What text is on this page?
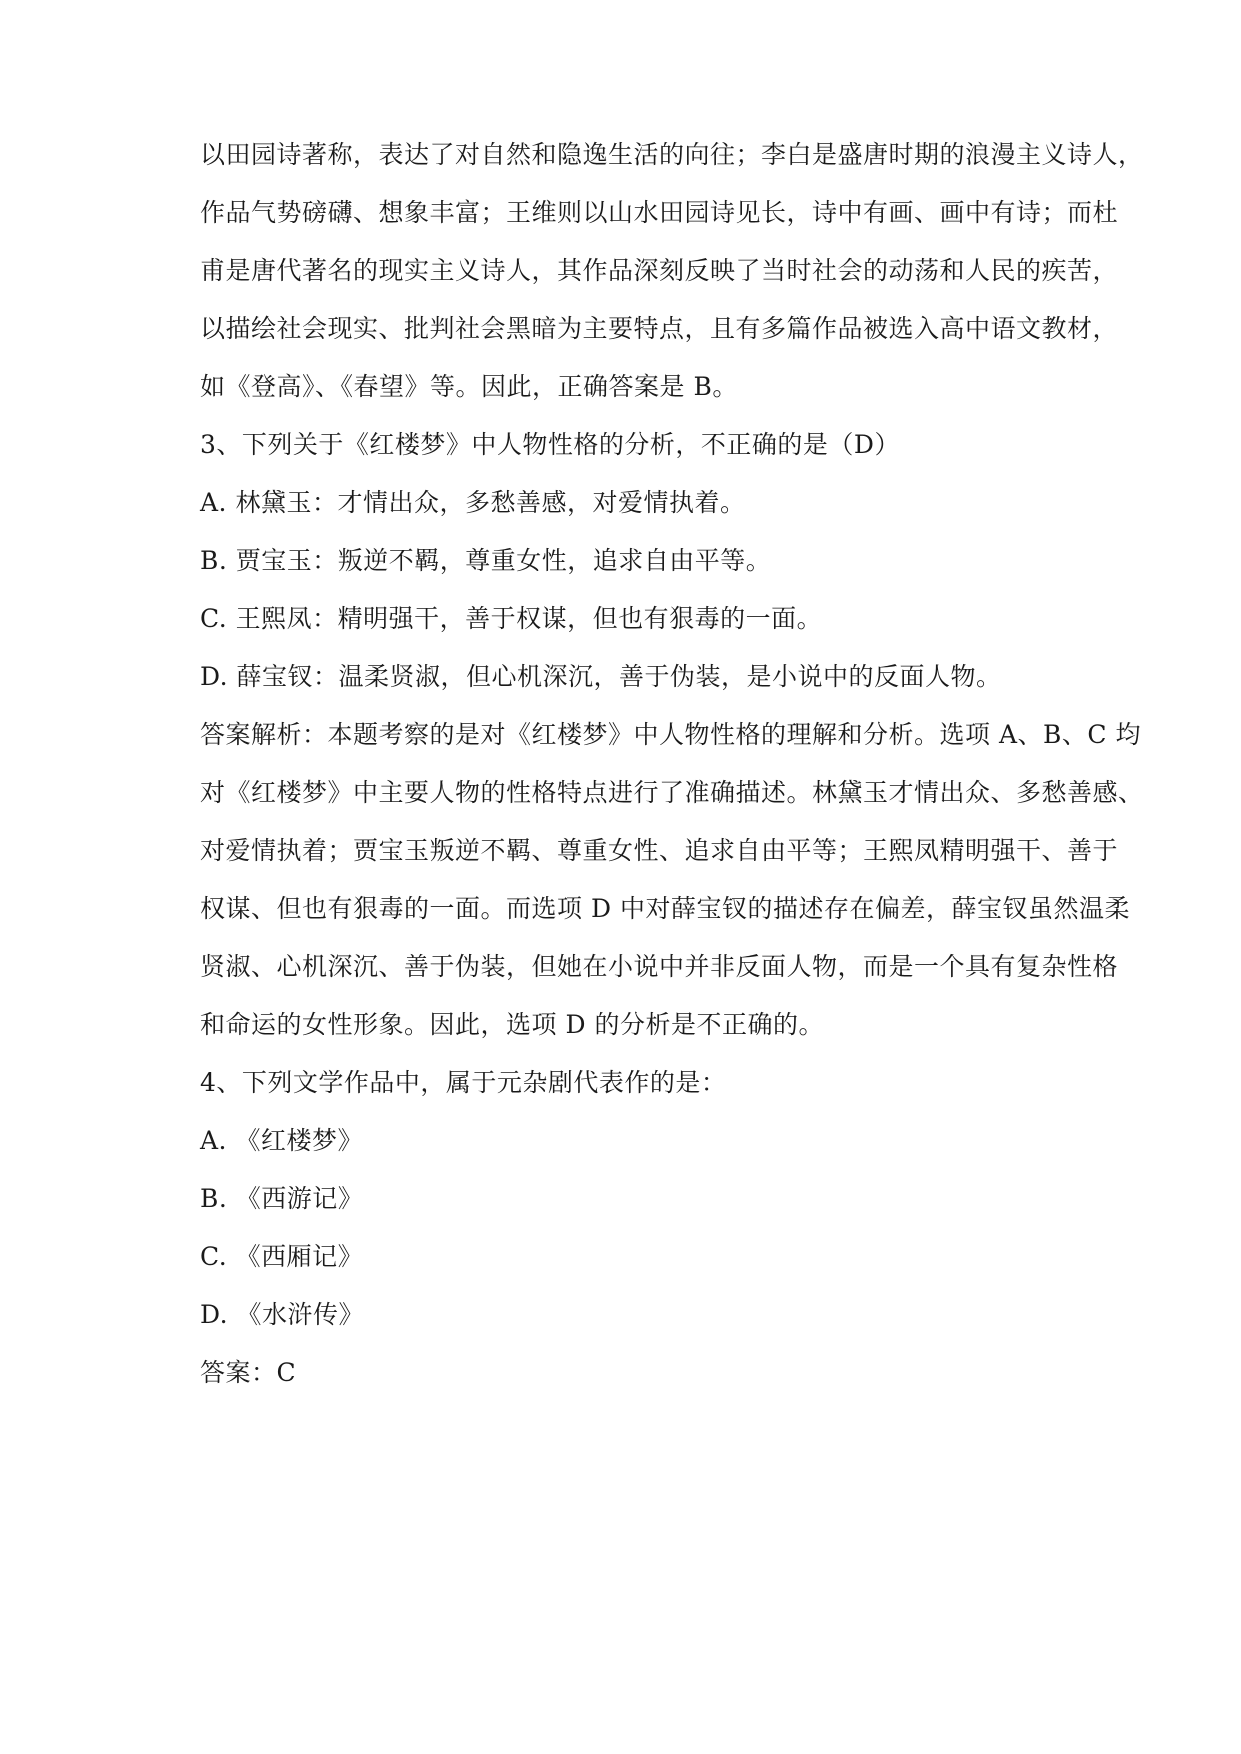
以田园诗著称，表达了对自然和隐逸生活的向往；李白是盛唐时期的浪漫主义诗人，
作品气势磅礴、想象丰富；王维则以山水田园诗见长，诗中有画、画中有诗；而杜
甫是唐代著名的现实主义诗人，其作品深刻反映了当时社会的动荡和人民的疾苦，
以描绘社会现实、批判社会黑暗为主要特点，且有多篇作品被选入高中语文教材，
如《登高》、《春望》等。因此，正确答案是 B。
3、下列关于《红楼梦》中人物性格的分析，不正确的是（D）
A. 林黛玉：才情出众，多愁善感，对爱情执着。
B. 贾宝玉：叛逆不羁，尊重女性，追求自由平等。
C. 王熙凤：精明强干，善于权谋，但也有狠毒的一面。
D. 薛宝钗：温柔贤淑，但心机深沉，善于伪装，是小说中的反面人物。
答案解析：本题考察的是对《红楼梦》中人物性格的理解和分析。选项 A、B、C 均
对《红楼梦》中主要人物的性格特点进行了准确描述。林黛玉才情出众、多愁善感、
对爱情执着；贾宝玉叛逆不羁、尊重女性、追求自由平等；王熙凤精明强干、善于
权谋、但也有狠毒的一面。而选项 D 中对薛宝钗的描述存在偏差，薛宝钗虽然温柔
贤淑、心机深沉、善于伪装，但她在小说中并非反面人物，而是一个具有复杂性格
和命运的女性形象。因此，选项 D 的分析是不正确的。
4、下列文学作品中，属于元杂剧代表作的是：
A. 《红楼梦》
B. 《西游记》
C. 《西厢记》
D. 《水浒传》
答案：C
